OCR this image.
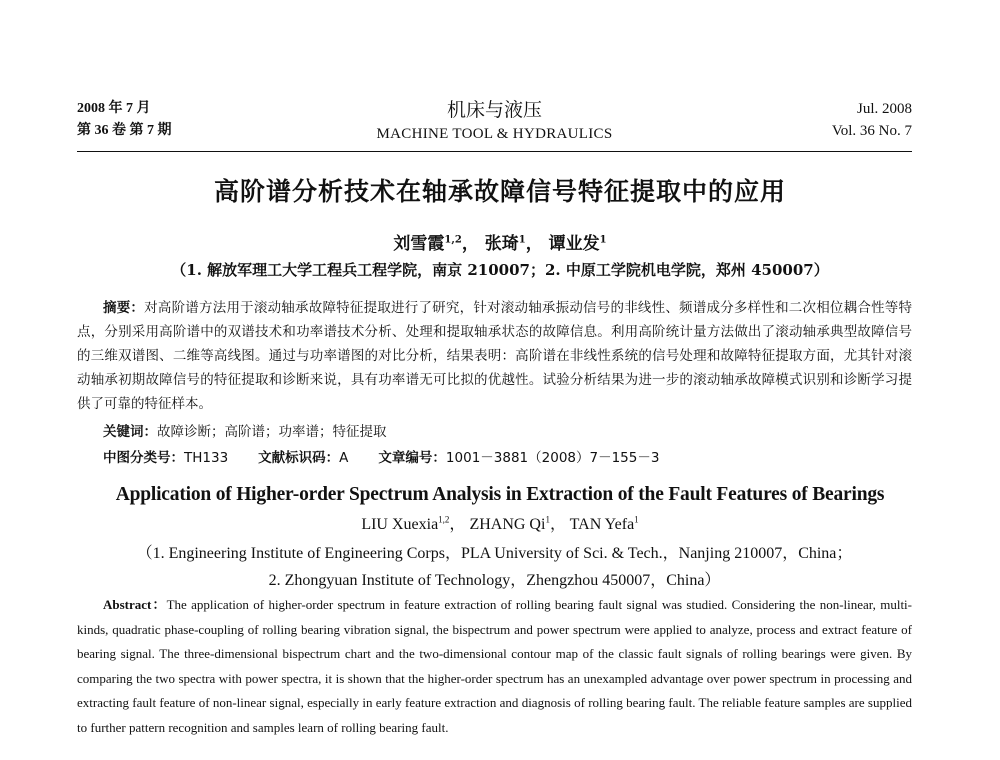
2008 年 7 月
第 36 卷 第 7 期
机床与液压
MACHINE TOOL & HYDRAULICS
Jul. 2008
Vol. 36 No. 7
高阶谱分析技术在轴承故障信号特征提取中的应用
刘雪霞$^{1,2}$， 张琦$^1$， 谭业发$^1$
（1. 解放军理工大学工程兵工程学院，南京 210007；2. 中原工学院机电学院，郑州 450007）
摘要：对高阶谱方法用于滚动轴承故障特征提取进行了研究，针对滚动轴承振动信号的非线性、频谱成分多样性和二次相位耦合性等特点，分别采用高阶谱中的双谱技术和功率谱技术分析、处理和提取轴承状态的故障信息。利用高阶统计量方法做出了滚动轴承典型故障信号的三维双谱图、二维等高线图。通过与功率谱图的对比分析，结果表明：高阶谱在非线性系统的信号处理和故障特征提取方面，尤其针对滚动轴承初期故障信号的特征提取和诊断来说，具有功率谱无可比拟的优越性。试验分析结果为进一步的滚动轴承故障模式识别和诊断学习提供了可靠的特征样本。
关键词：故障诊断；高阶谱；功率谱；特征提取
中图分类号：TH133 文献标识码：A 文章编号：1001－3881（2008）7－155－3
Application of Higher-order Spectrum Analysis in Extraction of the Fault Features of Bearings
LIU Xuexia$^{1,2}$， ZHANG Qi$^1$， TAN Yefa$^1$
（1. Engineering Institute of Engineering Corps，PLA University of Sci. & Tech.，Nanjing 210007，China；
2. Zhongyuan Institute of Technology，Zhengzhou 450007，China）
Abstract：The application of higher-order spectrum in feature extraction of rolling bearing fault signal was studied. Considering the non-linear, multi-kinds, quadratic phase-coupling of rolling bearing vibration signal, the bispectrum and power spectrum were applied to analyze, process and extract feature of bearing signal. The three-dimensional bispectrum chart and the two-dimensional contour map of the classic fault signals of rolling bearings were given. By comparing the two spectra with power spectra, it is shown that the higher-order spectrum has an unexampled advantage over power spectrum in processing and extracting fault feature of non-linear signal, especially in early feature extraction and diagnosis of rolling bearing fault. The reliable feature samples are supplied to further pattern recognition and samples learn of rolling bearing fault.
